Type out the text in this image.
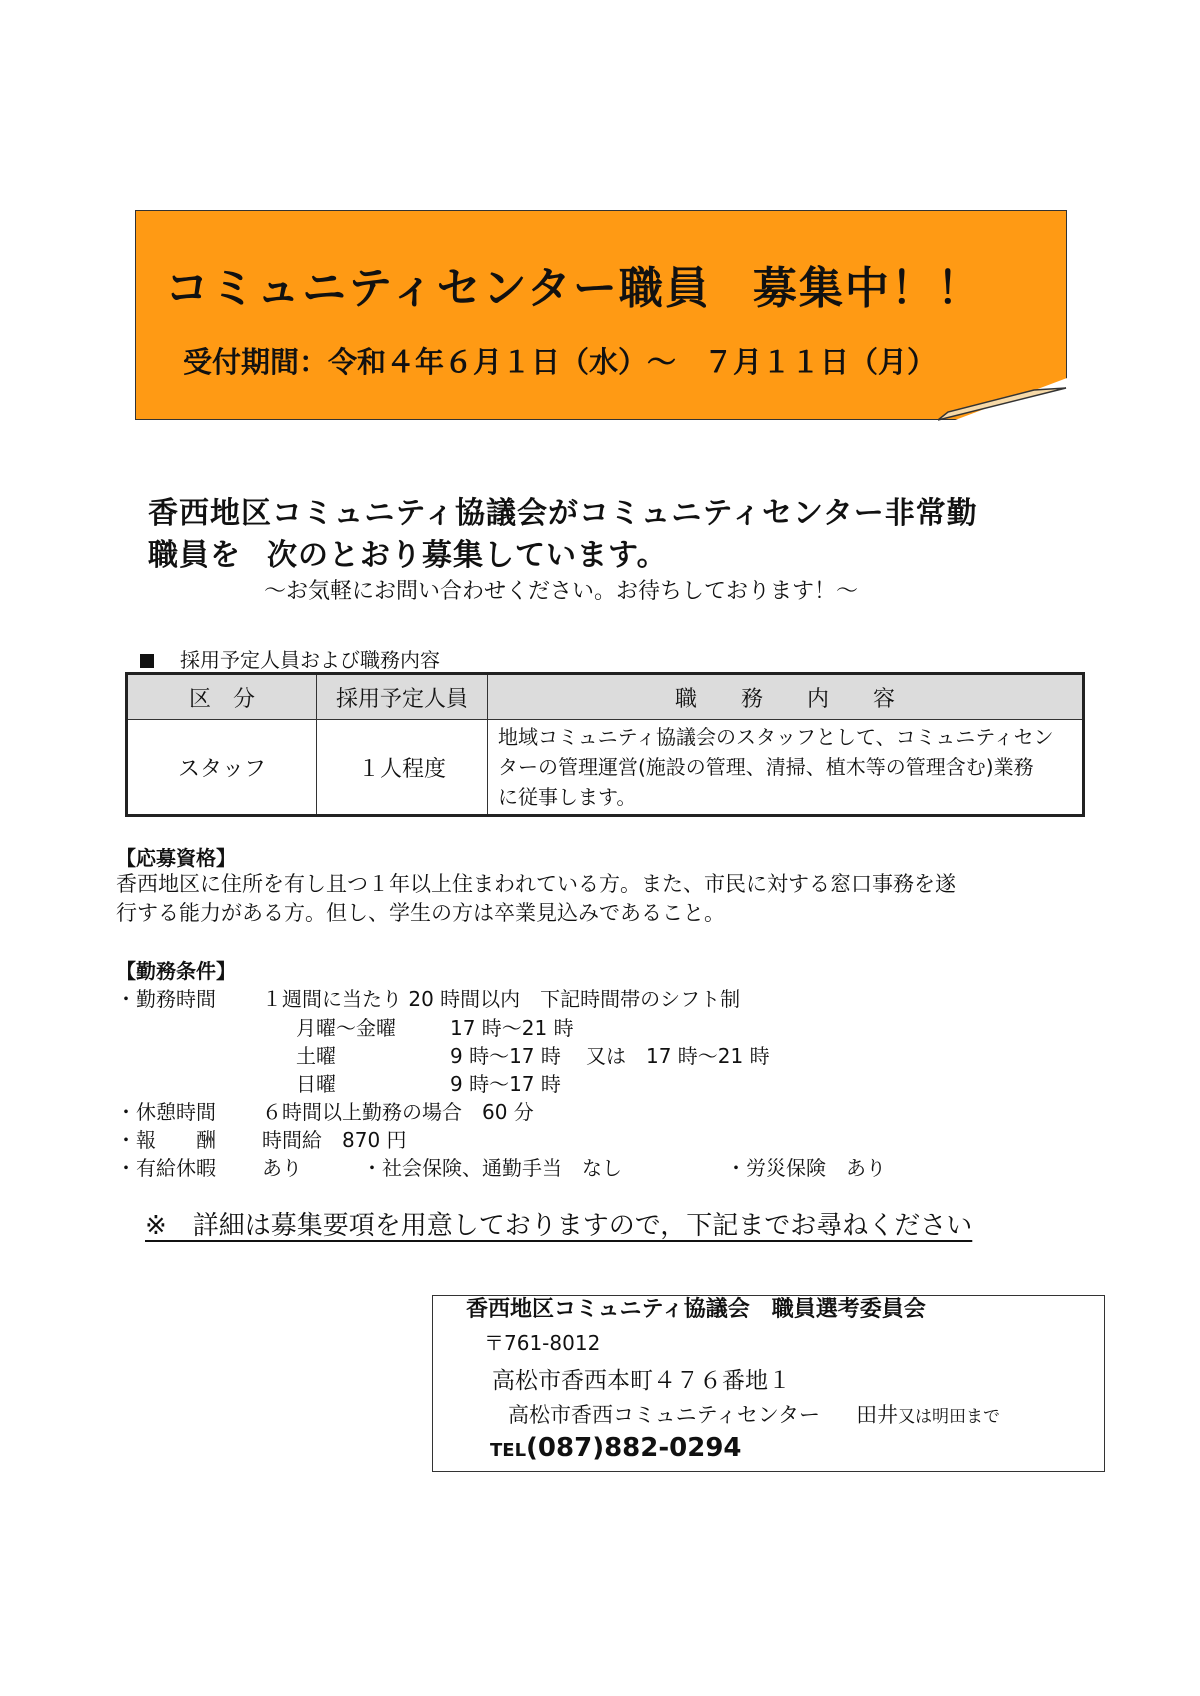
コミュニティセンター職員 募集中！！
受付期間：令和４年６月１日（水）～ ７月１１日（月）
香西地区コミュニティ協議会がコミュニティセンター非常勤
職員を 次のとおり募集しています。
～お気軽にお問い合わせください。お待ちしております！～
採用予定人員および職務内容
区　分	採用予定人員	職　　務　　内　　容
スタッフ	１人程度	地域コミュニティ協議会のスタッフとして、コミュニティセン
ターの管理運営(施設の管理、清掃、植木等の管理含む)業務
に従事します。
【応募資格】
香西地区に住所を有し且つ１年以上住まわれている方。また、市民に対する窓口事務を遂
行する能力がある方。但し、学生の方は卒業見込みであること。
【勤務条件】
・勤務時間 １週間に当たり 20 時間以内　下記時間帯のシフト制
月曜～金曜	17 時～21 時
土曜	9 時～17 時 又は　17 時～21 時
日曜	9 時～17 時
・休憩時間 ６時間以上勤務の場合　60 分
・報　　酬 時間給　870 円
・有給休暇 あり	・社会保険、通勤手当　なし	・労災保険　あり
※　詳細は募集要項を用意しておりますので，下記までお尋ねください
香西地区コミュニティ協議会　職員選考委員会
〒761-8012
高松市香西本町４７６番地１
高松市香西コミュニティセンター 田井又は明田まで
TEL(087)882-0294
